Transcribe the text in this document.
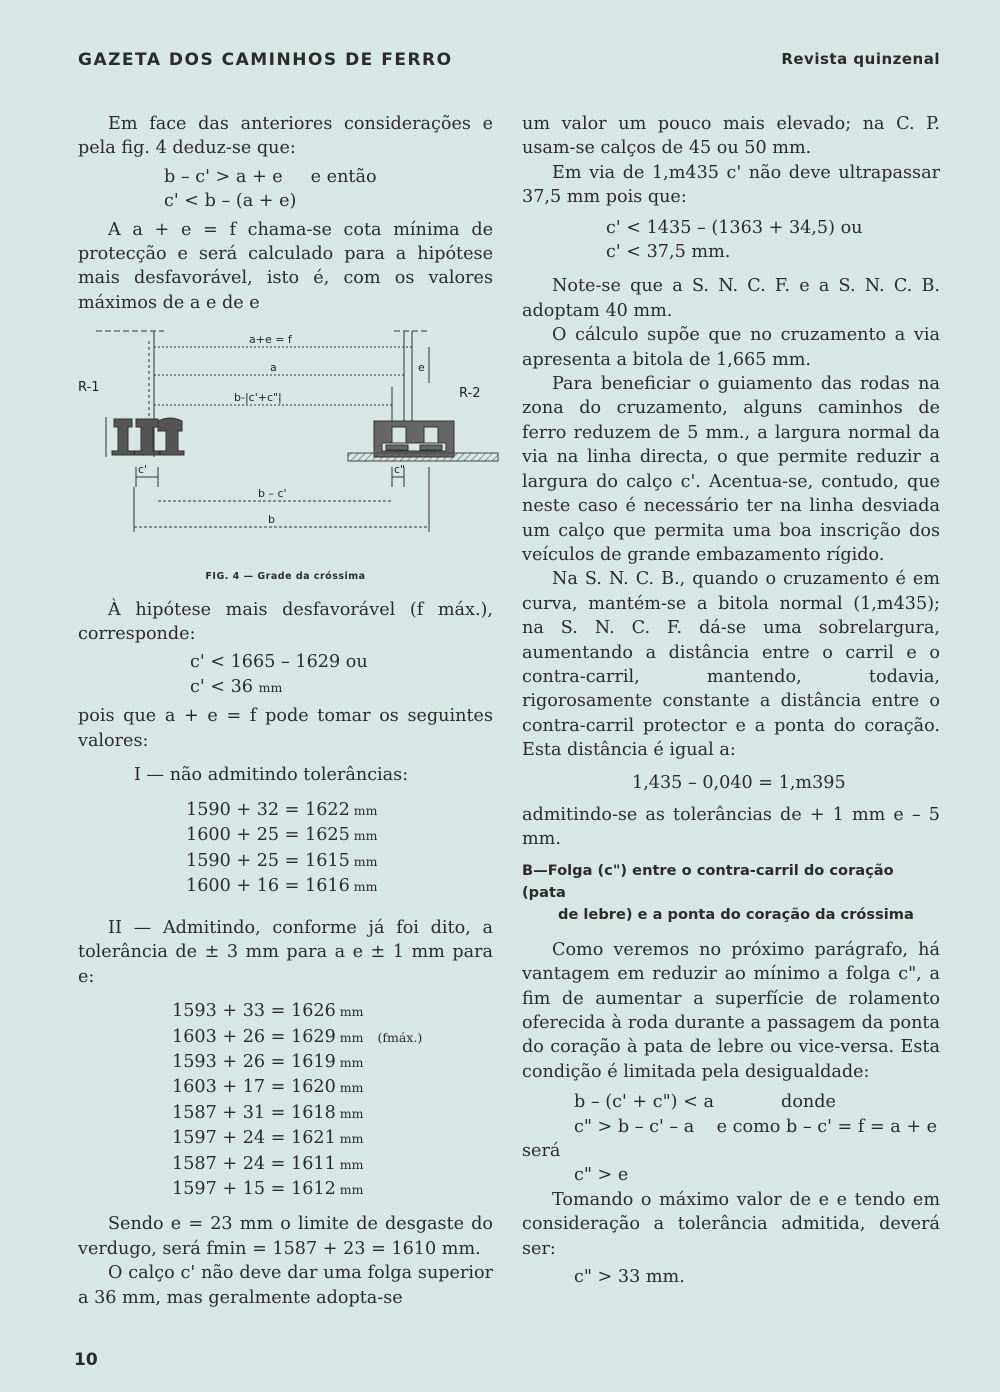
GAZETA DOS CAMINHOS DE FERRO	Revista quinzenal

Em face das anteriores considerações e pela fig. 4 deduz-se que:

b – c' > a + e     e então
c' < b – (a + e)

A a + e = f chama-se cota mínima de protecção e será calculado para a hipótese mais desfavorável, isto é, com os valores máximos de a e de e

a+e = f
a	e
b-|c'+c"|
R-1	R-2
c'	c"
b – c'
b
FIG. 4 — Grade da cróssima

À hipótese mais desfavorável (f máx.), corresponde:

c' < 1665 – 1629 ou
c' < 36 mm

pois que a + e = f pode tomar os seguintes valores:

I — não admitindo tolerâncias:

1590 + 32 = 1622 mm
1600 + 25 = 1625 mm
1590 + 25 = 1615 mm
1600 + 16 = 1616 mm

II — Admitindo, conforme já foi dito, a tolerância de ± 3 mm para a e ± 1 mm para e:

1593 + 33 = 1626 mm
1603 + 26 = 1629 mm (fmáx.)
1593 + 26 = 1619 mm
1603 + 17 = 1620 mm
1587 + 31 = 1618 mm
1597 + 24 = 1621 mm
1587 + 24 = 1611 mm
1597 + 15 = 1612 mm

Sendo e = 23 mm o limite de desgaste do verdugo, será fmin = 1587 + 23 = 1610 mm.

O calço c' não deve dar uma folga superior a 36 mm, mas geralmente adopta-se

um valor um pouco mais elevado; na C. P. usam-se calços de 45 ou 50 mm.

Em via de 1,m435 c' não deve ultrapassar 37,5 mm pois que:

c' < 1435 – (1363 + 34,5) ou
c' < 37,5 mm.

Note-se que a S. N. C. F. e a S. N. C. B. adoptam 40 mm.

O cálculo supõe que no cruzamento a via apresenta a bitola de 1,665 mm.

Para beneficiar o guiamento das rodas na zona do cruzamento, alguns caminhos de ferro reduzem de 5 mm., a largura normal da via na linha directa, o que permite reduzir a largura do calço c'. Acentua-se, contudo, que neste caso é necessário ter na linha desviada um calço que permita uma boa inscrição dos veículos de grande embazamento rígido.

Na S. N. C. B., quando o cruzamento é em curva, mantém-se a bitola normal (1,m435); na S. N. C. F. dá-se uma sobrelargura, aumentando a distância entre o carril e o contra-carril, mantendo, todavia, rigorosamente constante a distância entre o contra-carril protector e a ponta do coração. Esta distância é igual a:

1,435 – 0,040 = 1,m395

admitindo-se as tolerâncias de + 1 mm e – 5 mm.

B—Folga (c") entre o contra-carril do coração (pata
de lebre) e a ponta do coração da cróssima

Como veremos no próximo parágrafo, há vantagem em reduzir ao mínimo a folga c", a fim de aumentar a superfície de rolamento oferecida à roda durante a passagem da ponta do coração à pata de lebre ou vice-versa. Esta condição é limitada pela desigualdade:

b – (c' + c") < a            donde
c" > b – c' – a    e como b – c' = f = a + e

será

c" > e

Tomando o máximo valor de e e tendo em consideração a tolerância admitida, deverá ser:

c" > 33 mm.
10
